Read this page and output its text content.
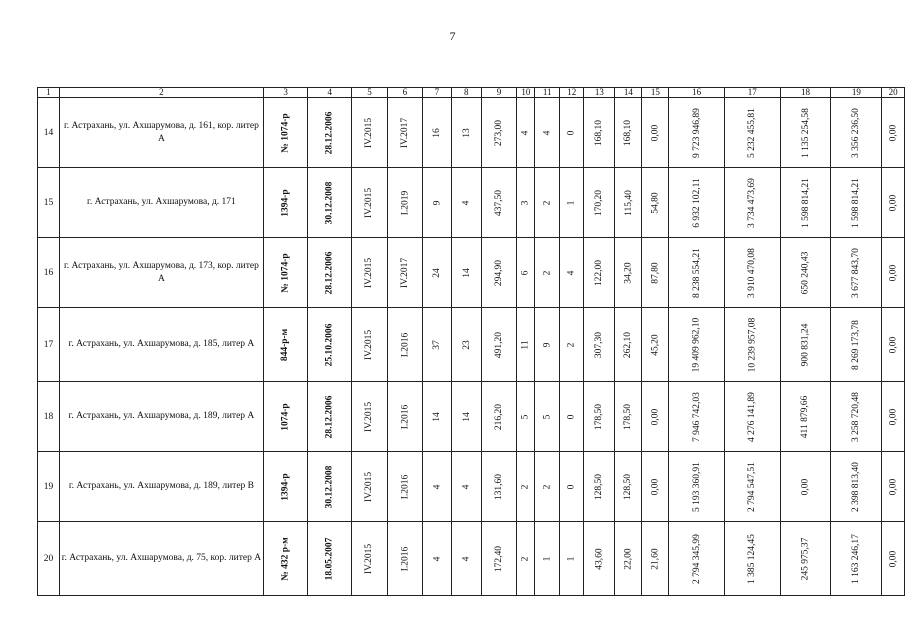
7
1	2	3	4	5	6	7	8	9	10	11	12	13	14	15	16	17	18	19	20
14	г. Астрахань, ул. Ахшарумова, д. 161, кор. литер А	№ 1074-р	28.12.2006	IV.2015	IV.2017	16	13	273,00	4	4	0	168,10	168,10	0,00	9 723 946,89	5 232 455,81	1 135 254,58	3 356 236,50	0,00
15	г. Астрахань, ул. Ахшарумова, д. 171	1394-р	30.12.2008	IV.2015	I.2019	9	4	437,50	3	2	1	170,20	115,40	54,80	6 932 102,11	3 734 473,69	1 598 814,21	1 598 814,21	0,00
16	г. Астрахань, ул. Ахшарумова, д. 173, кор. литер А	№ 1074-р	28.12.2006	IV.2015	IV.2017	24	14	294,90	6	2	4	122,00	34,20	87,80	8 238 554,21	3 910 470,08	650 240,43	3 677 843,70	0,00
17	г. Астрахань, ул. Ахшарумова, д. 185, литер А	844-р-м	25.10.2006	IV.2015	I.2016	37	23	491,20	11	9	2	307,30	262,10	45,20	19 409 962,10	10 239 957,08	900 831,24	8 269 173,78	0,00
18	г. Астрахань, ул. Ахшарумова, д. 189, литер А	1074-р	28.12.2006	IV.2015	I.2016	14	14	216,20	5	5	0	178,50	178,50	0,00	7 946 742,03	4 276 141,89	411 879,66	3 258 720,48	0,00
19	г. Астрахань, ул. Ахшарумова, д. 189, литер В	1394-р	30.12.2008	IV.2015	I.2016	4	4	131,60	2	2	0	128,50	128,50	0,00	5 193 360,91	2 794 547,51	0,00	2 398 813,40	0,00
20	г. Астрахань, ул. Ахшарумова, д. 75, кор. литер А	№ 432 р-м	18.05.2007	IV.2015	I.2016	4	4	172,40	2	1	1	43,60	22,00	21,60	2 794 345,99	1 385 124,45	245 975,37	1 163 246,17	0,00
